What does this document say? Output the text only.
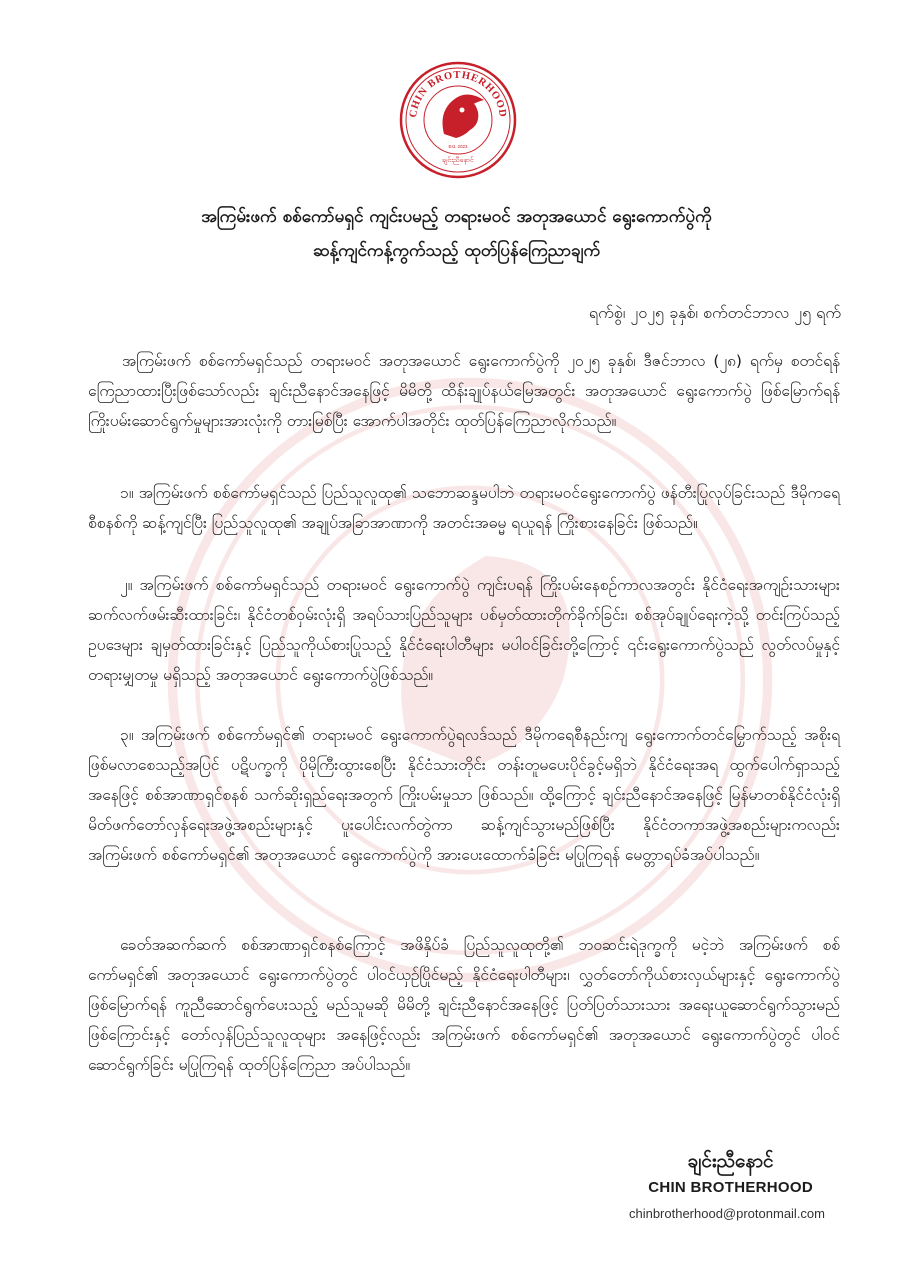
CHIN BROTHERHOOD
Est. 2023
ချင်းညီနောင်
အကြမ်းဖက် စစ်ကော်မရှင် ကျင်းပမည့် တရားမဝင် အတုအယောင် ရွေးကောက်ပွဲကို
ဆန့်ကျင်ကန့်ကွက်သည့် ထုတ်ပြန်ကြေညာချက်
ရက်စွဲ၊ ၂၀၂၅ ခုနှစ်၊ စက်တင်ဘာလ ၂၅ ရက်

အကြမ်းဖက် စစ်ကော်မရှင်သည် တရားမဝင် အတုအယောင် ရွေးကောက်ပွဲကို ၂၀၂၅ ခုနှစ်၊ ဒီဇင်ဘာလ (၂၈) ရက်မှ စတင်ရန် ကြေညာထားပြီးဖြစ်သော်လည်း ချင်းညီနောင်အနေဖြင့် မိမိတို့ ထိန်းချုပ်နယ်မြေအတွင်း အတုအယောင် ရွေးကောက်ပွဲ ဖြစ်မြောက်ရန် ကြိုးပမ်းဆောင်ရွက်မှုများအားလုံးကို တားမြစ်ပြီး အောက်ပါအတိုင်း ထုတ်ပြန်ကြေညာလိုက်သည်။

၁။ အကြမ်းဖက် စစ်ကော်မရှင်သည် ပြည်သူလူထု၏ သဘောဆန္ဒမပါဘဲ တရားမဝင်ရွေးကောက်ပွဲ ဖန်တီးပြုလုပ်ခြင်းသည် ဒီမိုကရေစီစနစ်ကို ဆန့်ကျင်ပြီး ပြည်သူလူထု၏ အချုပ်အခြာအာဏာကို အတင်းအဓမ္မ ရယူရန် ကြိုးစားနေခြင်း ဖြစ်သည်။

၂။ အကြမ်းဖက် စစ်ကော်မရှင်သည် တရားမဝင် ရွေးကောက်ပွဲ ကျင်းပရန် ကြိုးပမ်းနေစဉ်ကာလအတွင်း နိုင်ငံရေးအကျဉ်းသားများ ဆက်လက်ဖမ်းဆီးထားခြင်း၊ နိုင်ငံတစ်ဝှမ်းလုံးရှိ အရပ်သားပြည်သူများ ပစ်မှတ်ထားတိုက်ခိုက်ခြင်း၊ စစ်အုပ်ချုပ်ရေးကဲ့သို့ တင်းကြပ်သည့် ဥပဒေများ ချမှတ်ထားခြင်းနှင့် ပြည်သူကိုယ်စားပြုသည့် နိုင်ငံရေးပါတီများ မပါဝင်ခြင်းတို့ကြောင့် ၎င်းရွေးကောက်ပွဲသည် လွတ်လပ်မှုနှင့် တရားမျှတမှု မရှိသည့် အတုအယောင် ရွေးကောက်ပွဲဖြစ်သည်။

၃။ အကြမ်းဖက် စစ်ကော်မရှင်၏ တရားမဝင် ရွေးကောက်ပွဲရလဒ်သည် ဒီမိုကရေစီနည်းကျ ရွေးကောက်တင်မြှောက်သည့် အစိုးရဖြစ်မလာစေသည့်အပြင် ပဋိပက္ခကို ပိုမိုကြီးထွားစေပြီး နိုင်ငံသားတိုင်း တန်းတူမပေးပိုင်ခွင့်မရှိဘဲ နိုင်ငံရေးအရ ထွက်ပေါက်ရှာသည့်အနေဖြင့် စစ်အာဏာရှင်စနစ် သက်ဆိုးရှည်ရေးအတွက် ကြိုးပမ်းမှုသာ ဖြစ်သည်။ ထို့ကြောင့် ချင်းညီနောင်အနေဖြင့် မြန်မာတစ်နိုင်ငံလုံးရှိ မိတ်ဖက်တော်လှန်ရေးအဖွဲ့အစည်းများနှင့် ပူးပေါင်းလက်တွဲကာ ဆန့်ကျင်သွားမည်ဖြစ်ပြီး နိုင်ငံတကာအဖွဲ့အစည်းများကလည်း အကြမ်းဖက် စစ်ကော်မရှင်၏ အတုအယောင် ရွေးကောက်ပွဲကို အားပေးထောက်ခံခြင်း မပြုကြရန် မေတ္တာရပ်ခံအပ်ပါသည်။

ခေတ်အဆက်ဆက် စစ်အာဏာရှင်စနစ်ကြောင့် အဖိနှိပ်ခံ ပြည်သူလူထုတို့၏ ဘဝဆင်းရဲဒုက္ခကို မငဲ့ဘဲ အကြမ်းဖက် စစ်ကော်မရှင်၏ အတုအယောင် ရွေးကောက်ပွဲတွင် ပါဝင်ယှဉ်ပြိုင်မည့် နိုင်ငံရေးပါတီများ၊ လွှတ်တော်ကိုယ်စားလှယ်များနှင့် ရွေးကောက်ပွဲဖြစ်မြောက်ရန် ကူညီဆောင်ရွက်ပေးသည့် မည်သူမဆို မိမိတို့ ချင်းညီနောင်အနေဖြင့် ပြတ်ပြတ်သားသား အရေးယူဆောင်ရွက်သွားမည်ဖြစ်ကြောင်းနှင့် တော်လှန်ပြည်သူလူထုများ အနေဖြင့်လည်း အကြမ်းဖက် စစ်ကော်မရှင်၏ အတုအယောင် ရွေးကောက်ပွဲတွင် ပါဝင်ဆောင်ရွက်ခြင်း မပြုကြရန် ထုတ်ပြန်ကြေညာ အပ်ပါသည်။

ချင်းညီနောင်
CHIN BROTHERHOOD
chinbrotherhood@protonmail.com
